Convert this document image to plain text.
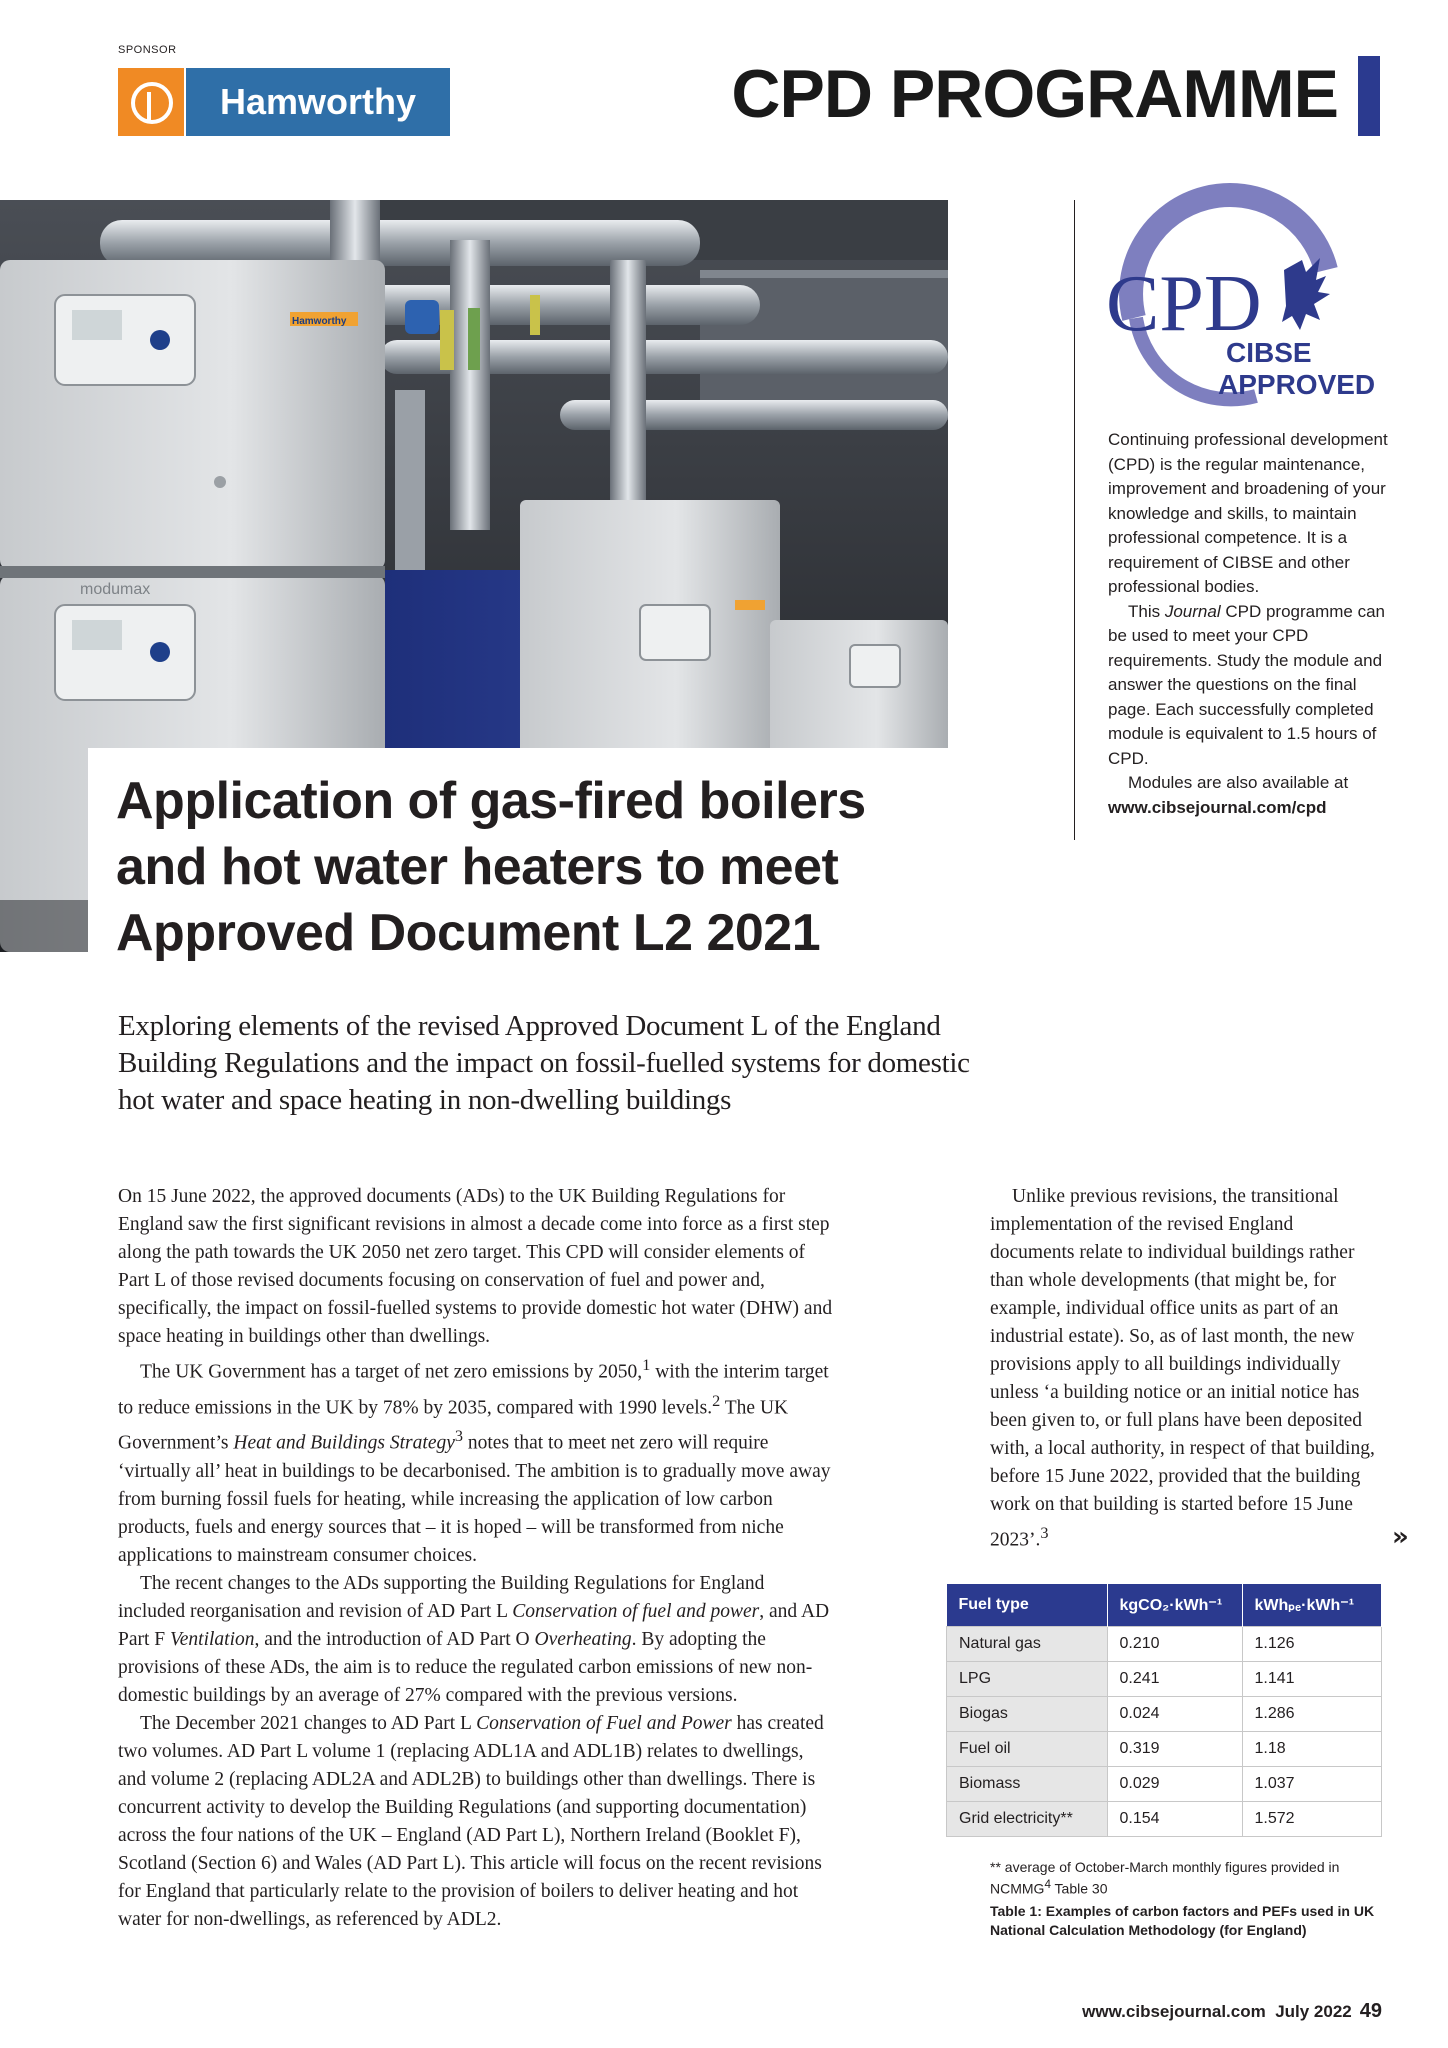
SPONSOR
Hamworthy	CPD PROGRAMME
Hamworthy
modumax
Application of gas-fired boilers and hot water heaters to meet Approved Document L2 2021
CPD
CIBSE
APPROVED

Continuing professional development (CPD) is the regular maintenance, improvement and broadening of your knowledge and skills, to maintain professional competence. It is a requirement of CIBSE and other professional bodies.

This Journal CPD programme can be used to meet your CPD requirements. Study the module and answer the questions on the final page. Each successfully completed module is equivalent to 1.5 hours of CPD.

Modules are also available at

www.cibsejournal.com/cpd

Exploring elements of the revised Approved Document L of the England Building Regulations and the impact on fossil-fuelled systems for domestic hot water and space heating in non-dwelling buildings

On 15 June 2022, the approved documents (ADs) to the UK Building Regulations for England saw the first significant revisions in almost a decade come into force as a first step along the path towards the UK 2050 net zero target. This CPD will consider elements of Part L of those revised documents focusing on conservation of fuel and power and, specifically, the impact on fossil-fuelled systems to provide domestic hot water (DHW) and space heating in buildings other than dwellings.

The UK Government has a target of net zero emissions by 2050,$^1$ with the interim target to reduce emissions in the UK by 78% by 2035, compared with 1990 levels.$^2$ The UK Government’s Heat and Buildings Strategy$^3$ notes that to meet net zero will require ‘virtually all’ heat in buildings to be decarbonised. The ambition is to gradually move away from burning fossil fuels for heating, while increasing the application of low carbon products, fuels and energy sources that – it is hoped – will be transformed from niche applications to mainstream consumer choices.

The recent changes to the ADs supporting the Building Regulations for England included reorganisation and revision of AD Part L Conservation of fuel and power, and AD Part F Ventilation, and the introduction of AD Part O Overheating. By adopting the provisions of these ADs, the aim is to reduce the regulated carbon emissions of new non-domestic buildings by an average of 27% compared with the previous versions.

The December 2021 changes to AD Part L Conservation of Fuel and Power has created two volumes. AD Part L volume 1 (replacing ADL1A and ADL1B) relates to dwellings, and volume 2 (replacing ADL2A and ADL2B) to buildings other than dwellings. There is concurrent activity to develop the Building Regulations (and supporting documentation) across the four nations of the UK – England (AD Part L), Northern Ireland (Booklet F), Scotland (Section 6) and Wales (AD Part L). This article will focus on the recent revisions for England that particularly relate to the provision of boilers to deliver heating and hot water for non-dwellings, as referenced by ADL2.

Unlike previous revisions, the transitional implementation of the revised England documents relate to individual buildings rather than whole developments (that might be, for example, individual office units as part of an industrial estate). So, as of last month, the new provisions apply to all buildings individually unless ‘a building notice or an initial notice has been given to, or full plans have been deposited with, a local authority, in respect of that building, before 15 June 2022, provided that the building work on that building is started before 15 June 2023’.$^3$	»
Fuel type	kgCO₂·kWh⁻¹	kWhₚₑ·kWh⁻¹
Natural gas	0.210	1.126
LPG	0.241	1.141
Biogas	0.024	1.286
Fuel oil	0.319	1.18
Biomass	0.029	1.037
Grid electricity**	0.154	1.572
** average of October-March monthly figures provided in NCMMG$^4$ Table 30
Table 1: Examples of carbon factors and PEFs used in UK National Calculation Methodology (for England)
www.cibsejournal.com July 2022 49
